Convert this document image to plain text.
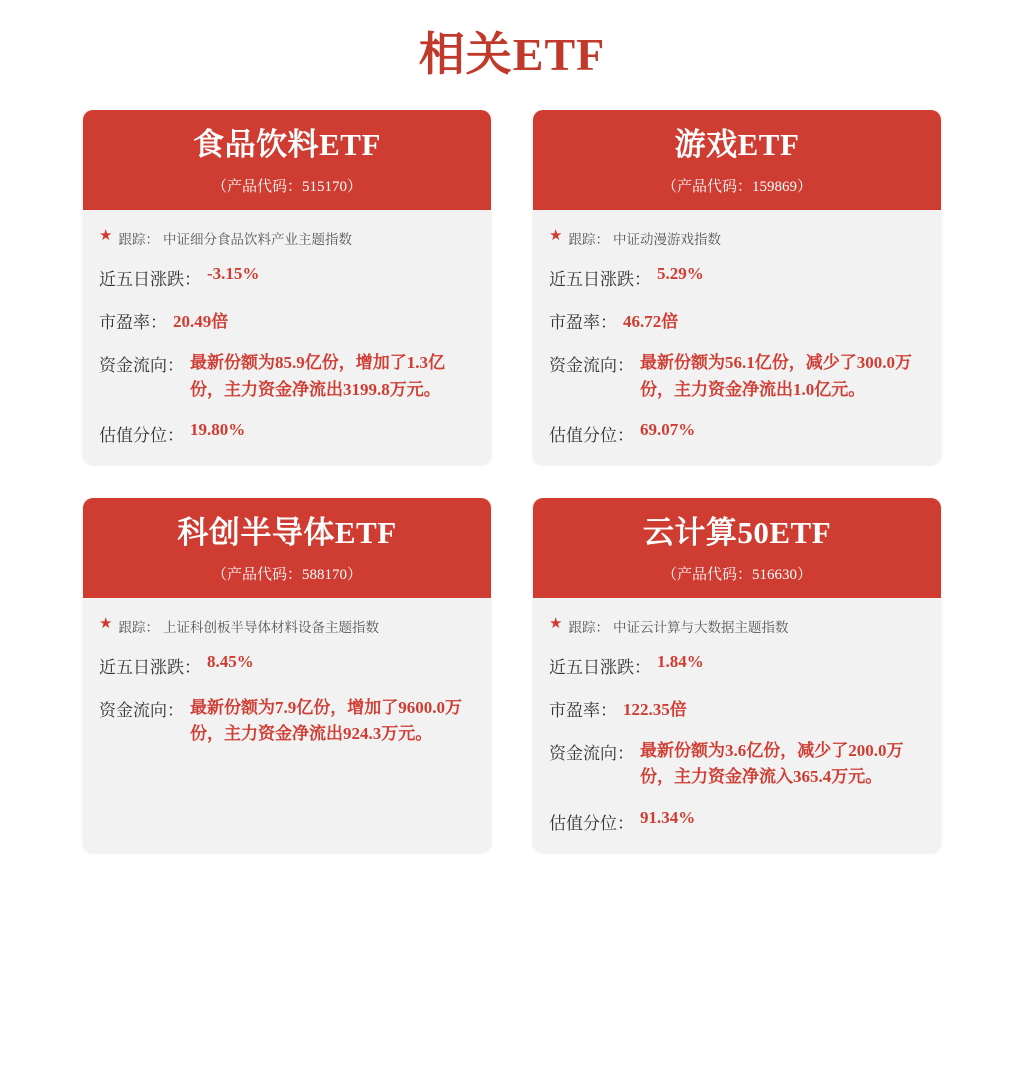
相关ETF
食品饮料ETF
（产品代码：515170）
★ 跟踪： 中证细分食品饮料产业主题指数
近五日涨跌： -3.15%
市盈率： 20.49倍
资金流向： 最新份额为85.9亿份，增加了1.3亿份，主力资金净流出3199.8万元。
估值分位： 19.80%
游戏ETF
（产品代码：159869）
★ 跟踪： 中证动漫游戏指数
近五日涨跌： 5.29%
市盈率： 46.72倍
资金流向： 最新份额为56.1亿份，减少了300.0万份，主力资金净流出1.0亿元。
估值分位： 69.07%
科创半导体ETF
（产品代码：588170）
★ 跟踪： 上证科创板半导体材料设备主题指数
近五日涨跌： 8.45%
资金流向： 最新份额为7.9亿份，增加了9600.0万份，主力资金净流出924.3万元。
云计算50ETF
（产品代码：516630）
★ 跟踪： 中证云计算与大数据主题指数
近五日涨跌： 1.84%
市盈率： 122.35倍
资金流向： 最新份额为3.6亿份，减少了200.0万份，主力资金净流入365.4万元。
估值分位： 91.34%
